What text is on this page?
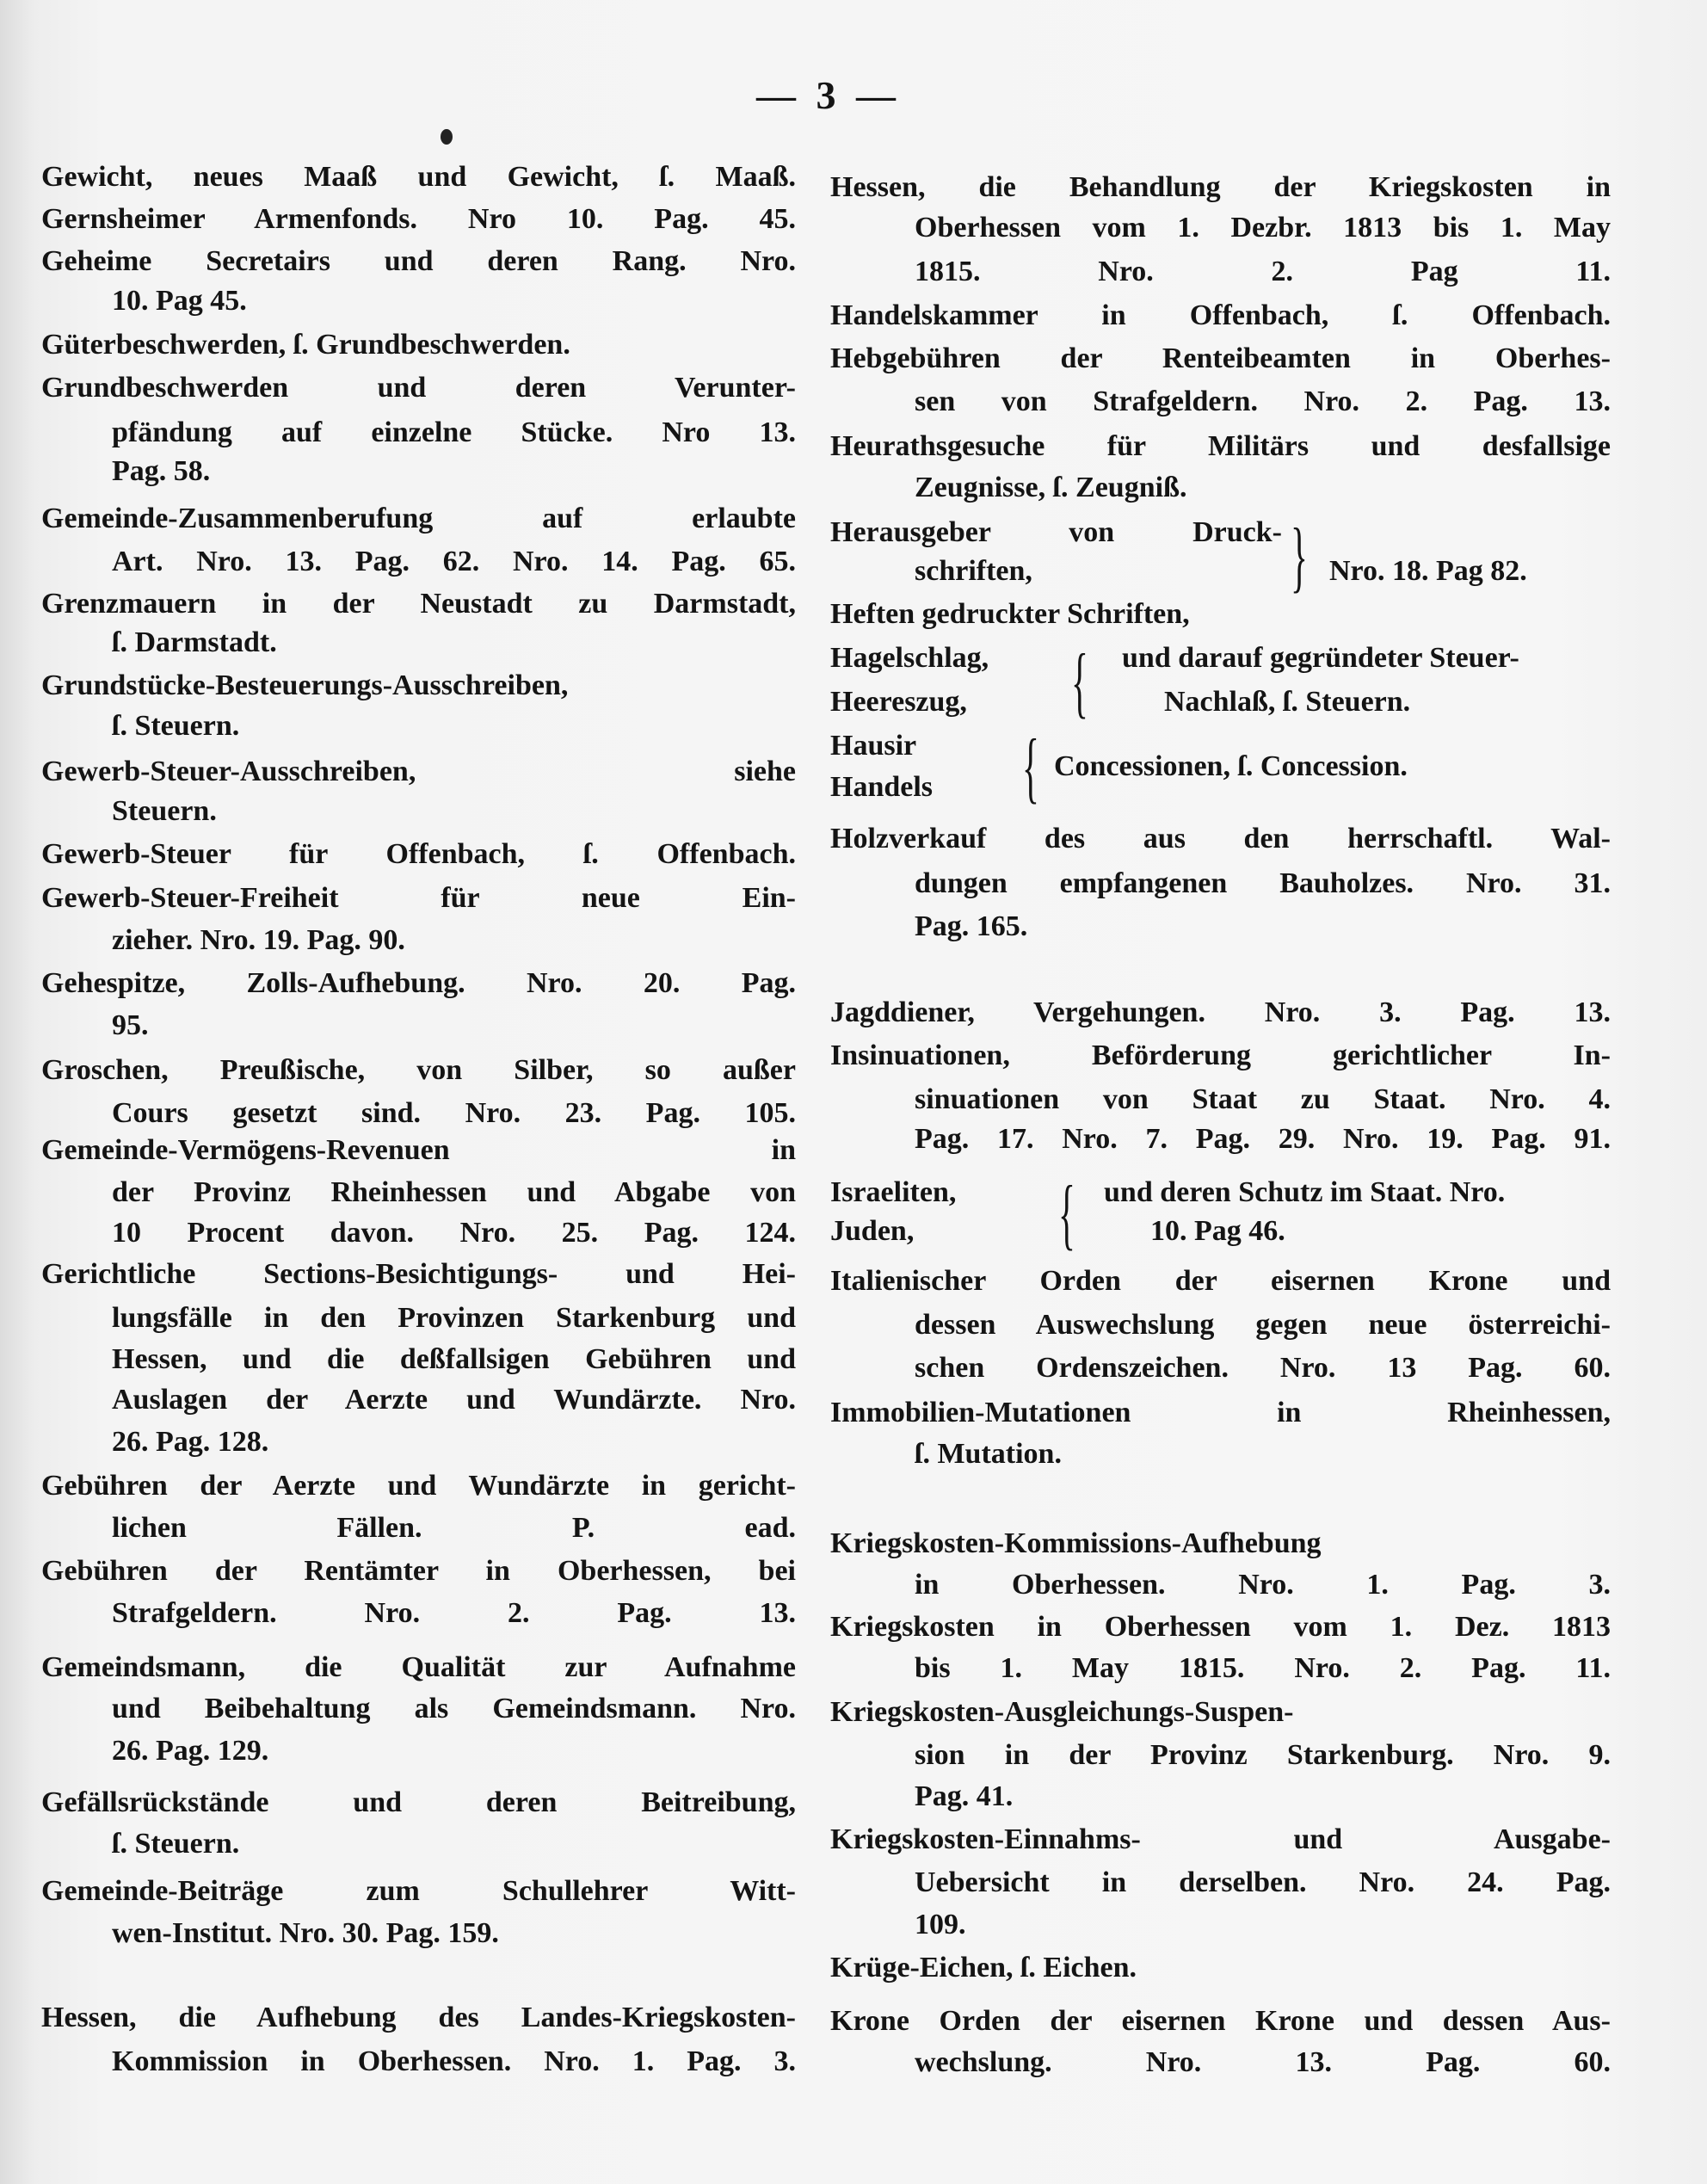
— 3 —
Gewicht, neues Maaß und Gewicht, ſ. Maaß.
Gernsheimer Armenfonds. Nro 10. Pag. 45.
Geheime Secretairs und deren Rang. Nro.
10. Pag 45.
Güterbeschwerden, ſ. Grundbeschwerden.
Grundbeschwerden und deren Verunter-
pfändung auf einzelne Stücke. Nro 13.
Pag. 58.
Gemeinde-Zusammenberufung auf erlaubte
Art. Nro. 13. Pag. 62. Nro. 14. Pag. 65.
Grenzmauern in der Neustadt zu Darmstadt,
ſ. Darmstadt.
Grundstücke-Besteuerungs-Ausschreiben,
ſ. Steuern.
Gewerb-Steuer-Ausschreiben, siehe
Steuern.
Gewerb-Steuer für Offenbach, ſ. Offenbach.
Gewerb-Steuer-Freiheit für neue Ein-
zieher. Nro. 19. Pag. 90.
Gehespitze, Zolls-Aufhebung. Nro. 20. Pag.
95.
Groschen, Preußische, von Silber, so außer
Cours gesetzt sind. Nro. 23. Pag. 105.
Gemeinde-Vermögens-Revenuen in
der Provinz Rheinhessen und Abgabe von
10 Procent davon. Nro. 25. Pag. 124.
Gerichtliche Sections-Besichtigungs- und Hei-
lungsfälle in den Provinzen Starkenburg und
Hessen, und die deßfallsigen Gebühren und
Auslagen der Aerzte und Wundärzte. Nro.
26. Pag. 128.
Gebühren der Aerzte und Wundärzte in gericht-
lichen Fällen. P. ead.
Gebühren der Rentämter in Oberhessen, bei
Strafgeldern. Nro. 2. Pag. 13.
Gemeindsmann, die Qualität zur Aufnahme
und Beibehaltung als Gemeindsmann. Nro.
26. Pag. 129.
Gefällsrückstände und deren Beitreibung,
ſ. Steuern.
Gemeinde-Beiträge zum Schullehrer Witt-
wen-Institut. Nro. 30. Pag. 159.
Hessen, die Aufhebung des Landes-Kriegskosten-
Kommission in Oberhessen. Nro. 1. Pag. 3.
Hessen, die Behandlung der Kriegskosten in
Oberhessen vom 1. Dezbr. 1813 bis 1. May
1815. Nro. 2. Pag 11.
Handelskammer in Offenbach, ſ. Offenbach.
Hebgebühren der Renteibeamten in Oberhes-
sen von Strafgeldern. Nro. 2. Pag. 13.
Heurathsgesuche für Militärs und desfallsige
Zeugnisse, ſ. Zeugniß.
Herausgeber von Druck-
schriften,
Heften gedruckter Schriften,
Nro. 18. Pag 82.
Hagelschlag,
Heereszug,
und darauf gegründeter Steuer-
Nachlaß, ſ. Steuern.
Hausir
Handels
Concessionen, ſ. Concession.
Holzverkauf des aus den herrschaftl. Wal-
dungen empfangenen Bauholzes. Nro. 31.
Pag. 165.
Jagddiener, Vergehungen. Nro. 3. Pag. 13.
Insinuationen, Beförderung gerichtlicher In-
sinuationen von Staat zu Staat. Nro. 4.
Pag. 17. Nro. 7. Pag. 29. Nro. 19. Pag. 91.
Israeliten,
Juden,
und deren Schutz im Staat. Nro.
10. Pag 46.
Italienischer Orden der eisernen Krone und
dessen Auswechslung gegen neue österreichi-
schen Ordenszeichen. Nro. 13 Pag. 60.
Immobilien-Mutationen in Rheinhessen,
ſ. Mutation.
Kriegskosten-Kommissions-Aufhebung
in Oberhessen. Nro. 1. Pag. 3.
Kriegskosten in Oberhessen vom 1. Dez. 1813
bis 1. May 1815. Nro. 2. Pag. 11.
Kriegskosten-Ausgleichungs-Suspen-
sion in der Provinz Starkenburg. Nro. 9.
Pag. 41.
Kriegskosten-Einnahms- und Ausgabe-
Uebersicht in derselben. Nro. 24. Pag.
109.
Krüge-Eichen, ſ. Eichen.
Krone Orden der eisernen Krone und dessen Aus-
wechslung. Nro. 13. Pag. 60.
}
{
{
{
